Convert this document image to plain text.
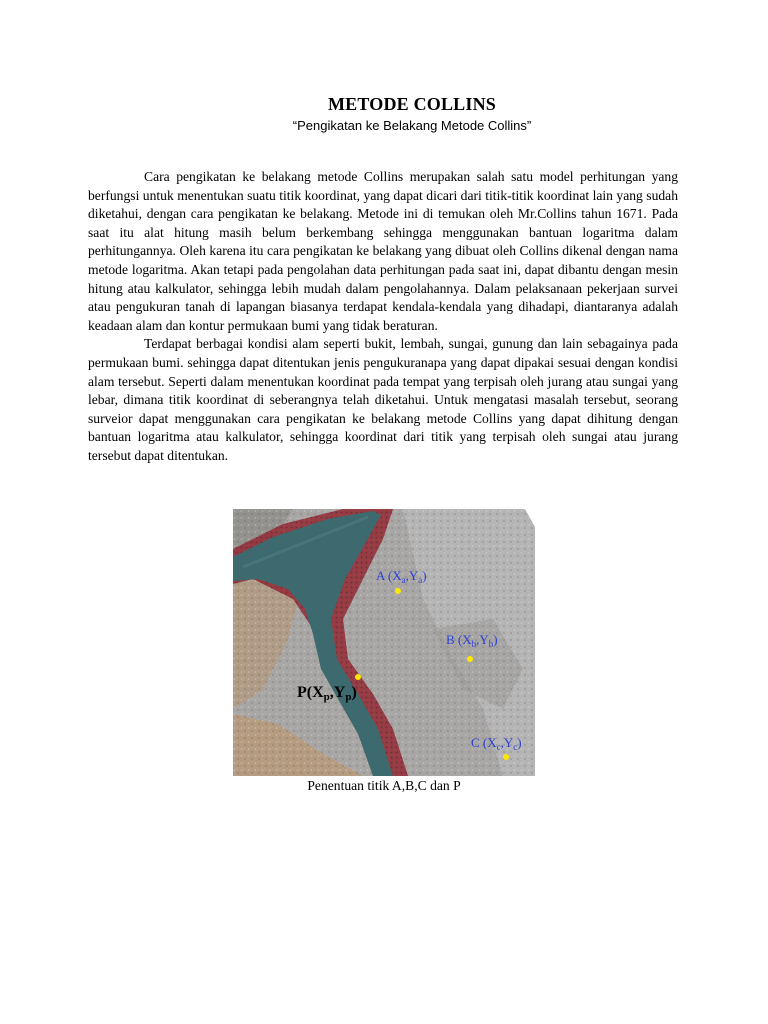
METODE COLLINS
“Pengikatan ke Belakang Metode Collins”

Cara pengikatan ke belakang metode Collins merupakan salah satu model perhitungan yang berfungsi untuk menentukan suatu titik koordinat, yang dapat dicari dari titik-titik koordinat lain yang sudah diketahui, dengan cara pengikatan ke belakang. Metode ini di temukan oleh Mr.Collins tahun 1671. Pada saat itu alat hitung masih belum berkembang sehingga menggunakan bantuan logaritma dalam perhitungannya. Oleh karena itu cara pengikatan ke belakang yang dibuat oleh Collins dikenal dengan nama metode logaritma. Akan tetapi pada pengolahan data perhitungan pada saat ini, dapat dibantu dengan mesin hitung atau kalkulator, sehingga lebih mudah dalam pengolahannya. Dalam pelaksanaan pekerjaan survei atau pengukuran tanah di lapangan biasanya terdapat kendala-kendala yang dihadapi, diantaranya adalah keadaan alam dan kontur permukaan bumi yang tidak beraturan.

Terdapat berbagai kondisi alam seperti bukit, lembah, sungai, gunung dan lain sebagainya pada permukaan bumi. sehingga dapat ditentukan jenis pengukuranapa yang dapat dipakai sesuai dengan kondisi alam tersebut. Seperti dalam menentukan koordinat pada tempat yang terpisah oleh jurang atau sungai yang lebar, dimana titik koordinat di seberangnya telah diketahui. Untuk mengatasi masalah tersebut, seorang surveior dapat menggunakan cara pengikatan ke belakang metode Collins yang dapat dihitung dengan bantuan logaritma atau kalkulator, sehingga koordinat dari titik yang terpisah oleh sungai atau jurang tersebut dapat ditentukan.

A $(X_a,Y_a)$
B $(X_b,Y_b)$
P(Xp,Yp)
C $(X_c,Y_c)$
Penentuan titik A,B,C dan P
